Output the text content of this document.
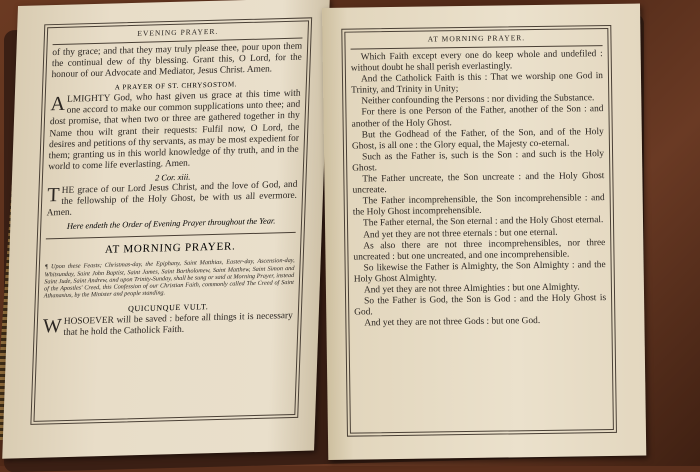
EVENING PRAYER.

of thy grace; and that they may truly please thee, pour upon them the continual dew of thy blessing. Grant this, O Lord, for the honour of our Advocate and Mediator, Jesus Christ. Amen.

A PRAYER OF ST. CHRYSOSTOM.

ALMIGHTY God, who hast given us grace at this time with one accord to make our common supplications unto thee; and dost promise, that when two or three are gathered together in thy Name thou wilt grant their requests: Fulfil now, O Lord, the desires and petitions of thy servants, as may be most expedient for them; granting us in this world knowledge of thy truth, and in the world to come life everlasting. Amen.

2 Cor. xiii.

THE grace of our Lord Jesus Christ, and the love of God, and the fellowship of the Holy Ghost, be with us all evermore. Amen.

Here endeth the Order of Evening Prayer throughout the Year.
AT MORNING PRAYER.

¶ Upon these Feasts; Christmas-day, the Epiphany, Saint Matthias, Easter-day, Ascension-day, Whitsunday, Saint John Baptist, Saint James, Saint Bartholomew, Saint Matthew, Saint Simon and Saint Jude, Saint Andrew, and upon Trinity-Sunday, shall be sung or said at Morning Prayer, instead of the Apostles' Creed, this Confession of our Christian Faith, commonly called The Creed of Saint Athanasius, by the Minister and people standing.

QUICUNQUE VULT.

WHOSOEVER will be saved : before all things it is necessary that he hold the Catholick Faith.

AT MORNING PRAYER.

Which Faith except every one do keep whole and undefiled : without doubt he shall perish everlastingly.

And the Catholick Faith is this : That we worship one God in Trinity, and Trinity in Unity;

Neither confounding the Persons : nor dividing the Substance.

For there is one Person of the Father, another of the Son : and another of the Holy Ghost.

But the Godhead of the Father, of the Son, and of the Holy Ghost, is all one : the Glory equal, the Majesty co-eternal.

Such as the Father is, such is the Son : and such is the Holy Ghost.

The Father uncreate, the Son uncreate : and the Holy Ghost uncreate.

The Father incomprehensible, the Son incomprehensible : and the Holy Ghost incomprehensible.

The Father eternal, the Son eternal : and the Holy Ghost eternal.

And yet they are not three eternals : but one eternal.

As also there are not three incomprehensibles, nor three uncreated : but one uncreated, and one incomprehensible.

So likewise the Father is Almighty, the Son Almighty : and the Holy Ghost Almighty.

And yet they are not three Almighties : but one Almighty.

So the Father is God, the Son is God : and the Holy Ghost is God.

And yet they are not three Gods : but one God.
